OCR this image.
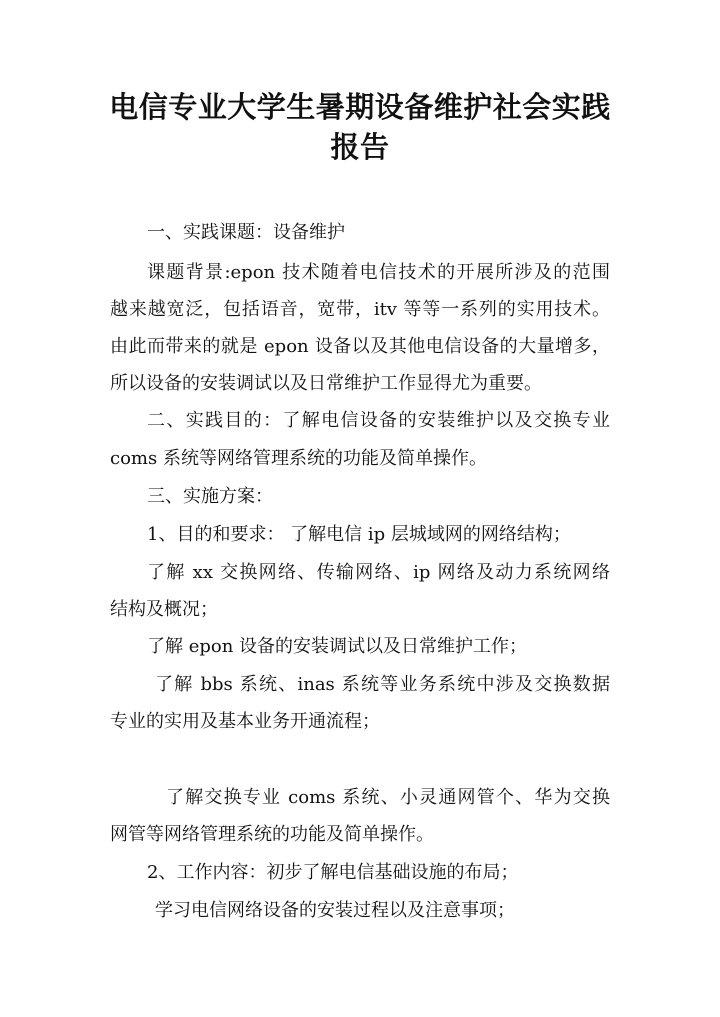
电信专业大学生暑期设备维护社会实践
报告
一、实践课题：设备维护
课题背景:epon 技术随着电信技术的开展所涉及的范围
越来越宽泛，包括语音，宽带，itv 等等一系列的实用技术。
由此而带来的就是 epon 设备以及其他电信设备的大量增多，
所以设备的安装调试以及日常维护工作显得尤为重要。
二、实践目的：了解电信设备的安装维护以及交换专业
coms 系统等网络管理系统的功能及简单操作。
三、实施方案：
1、目的和要求： 了解电信 ip 层城域网的网络结构；
了解 xx 交换网络、传输网络、ip 网络及动力系统网络
结构及概况；
了解 epon 设备的安装调试以及日常维护工作；
了解 bbs 系统、inas 系统等业务系统中涉及交换数据
专业的实用及基本业务开通流程；
了解交换专业 coms 系统、小灵通网管个、华为交换
网管等网络管理系统的功能及简单操作。
2、工作内容：初步了解电信基础设施的布局；
学习电信网络设备的安装过程以及注意事项；
